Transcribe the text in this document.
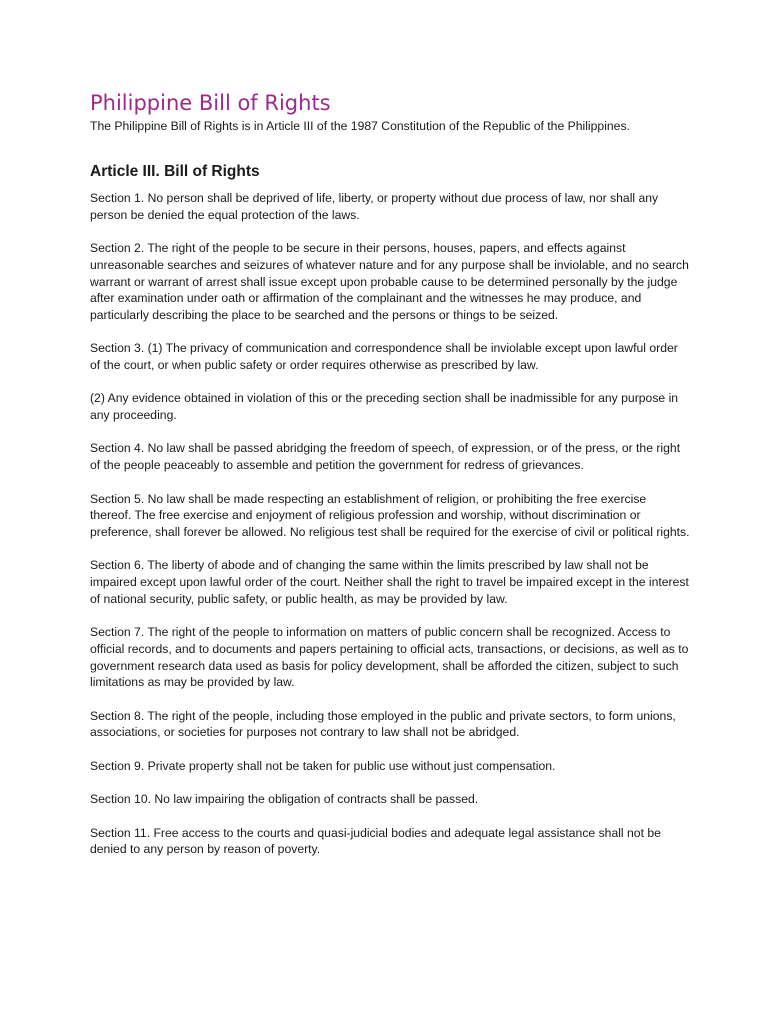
Philippine Bill of Rights

The Philippine Bill of Rights is in Article III of the 1987 Constitution of the Republic of the Philippines.

Article III. Bill of Rights

Section 1. No person shall be deprived of life, liberty, or property without due process of law, nor shall any person be denied the equal protection of the laws.

Section 2. The right of the people to be secure in their persons, houses, papers, and effects against unreasonable searches and seizures of whatever nature and for any purpose shall be inviolable, and no search warrant or warrant of arrest shall issue except upon probable cause to be determined personally by the judge after examination under oath or affirmation of the complainant and the witnesses he may produce, and particularly describing the place to be searched and the persons or things to be seized.

Section 3. (1) The privacy of communication and correspondence shall be inviolable except upon lawful order of the court, or when public safety or order requires otherwise as prescribed by law.

(2) Any evidence obtained in violation of this or the preceding section shall be inadmissible for any purpose in any proceeding.

Section 4. No law shall be passed abridging the freedom of speech, of expression, or of the press, or the right of the people peaceably to assemble and petition the government for redress of grievances.

Section 5. No law shall be made respecting an establishment of religion, or prohibiting the free exercise thereof. The free exercise and enjoyment of religious profession and worship, without discrimination or preference, shall forever be allowed. No religious test shall be required for the exercise of civil or political rights.

Section 6. The liberty of abode and of changing the same within the limits prescribed by law shall not be impaired except upon lawful order of the court. Neither shall the right to travel be impaired except in the interest of national security, public safety, or public health, as may be provided by law.

Section 7. The right of the people to information on matters of public concern shall be recognized. Access to official records, and to documents and papers pertaining to official acts, transactions, or decisions, as well as to government research data used as basis for policy development, shall be afforded the citizen, subject to such limitations as may be provided by law.

Section 8. The right of the people, including those employed in the public and private sectors, to form unions, associations, or societies for purposes not contrary to law shall not be abridged.

Section 9. Private property shall not be taken for public use without just compensation.

Section 10. No law impairing the obligation of contracts shall be passed.

Section 11. Free access to the courts and quasi-judicial bodies and adequate legal assistance shall not be denied to any person by reason of poverty.
